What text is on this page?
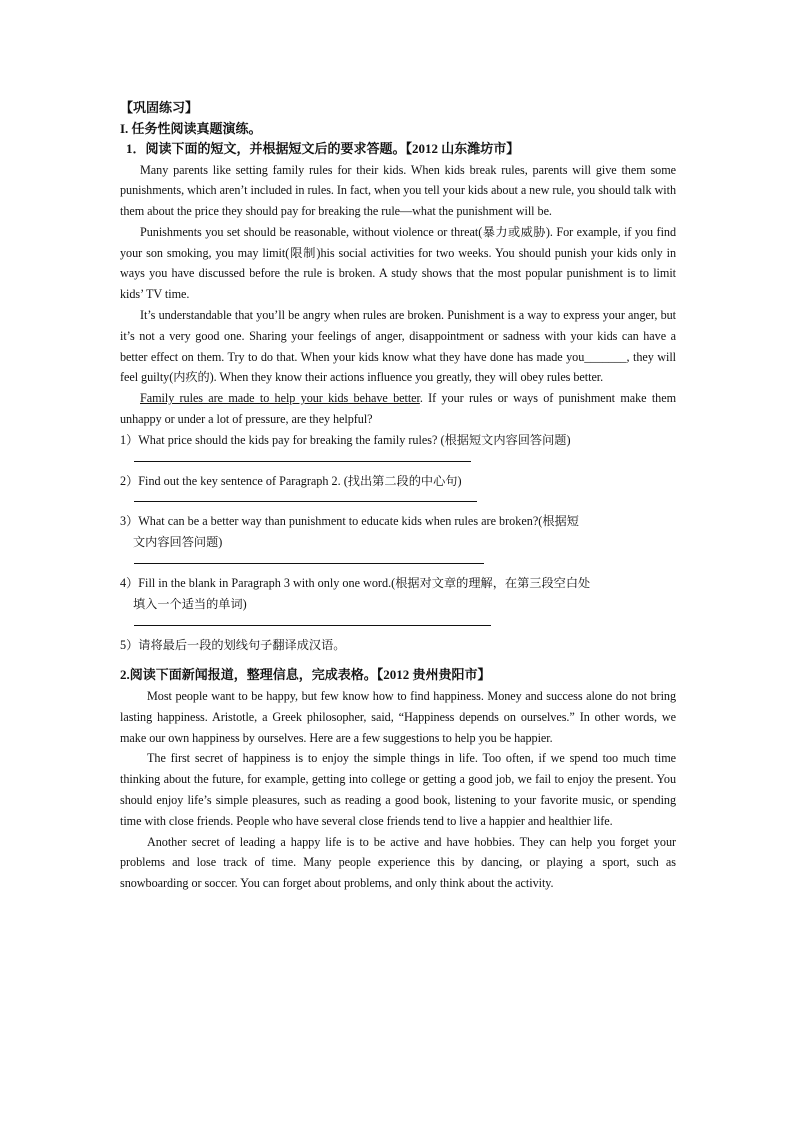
【巩固练习】
I. 任务性阅读真题演练。
1．阅读下面的短文，并根据短文后的要求答题。【2012 山东潍坊市】
Many parents like setting family rules for their kids. When kids break rules, parents will give them some punishments, which aren’t included in rules. In fact, when you tell your kids about a new rule, you should talk with them about the price they should pay for breaking the rule—what the punishment will be.
Punishments you set should be reasonable, without violence or threat(暴力或威胁). For example, if you find your son smoking, you may limit(限制)his social activities for two weeks. You should punish your kids only in ways you have discussed before the rule is broken. A study shows that the most popular punishment is to limit kids’ TV time.
It’s understandable that you’ll be angry when rules are broken. Punishment is a way to express your anger, but it’s not a very good one. Sharing your feelings of anger, disappointment or sadness with your kids can have a better effect on them. Try to do that. When your kids know what they have done has made you_______, they will feel guilty(内疚的). When they know their actions influence you greatly, they will obey rules better.
Family rules are made to help your kids behave better. If your rules or ways of punishment make them unhappy or under a lot of pressure, are they helpful?
1）What price should the kids pay for breaking the family rules? (根据短文内容回答问题)
2）Find out the key sentence of Paragraph 2. (找出第二段的中心句)
3）What can be a better way than punishment to educate kids when rules are broken?(根据短
文内容回答问题)
4）Fill in the blank in Paragraph 3 with only one word.(根据对文章的理解，在第三段空白处
填入一个适当的单词)
5）请将最后一段的划线句子翻译成汉语。
2.阅读下面新闻报道，整理信息，完成表格。【2012 贵州贵阳市】
Most people want to be happy, but few know how to find happiness. Money and success alone do not bring lasting happiness. Aristotle, a Greek philosopher, said, “Happiness depends on ourselves.” In other words, we make our own happiness by ourselves. Here are a few suggestions to help you be happier.
The first secret of happiness is to enjoy the simple things in life. Too often, if we spend too much time thinking about the future, for example, getting into college or getting a good job, we fail to enjoy the present. You should enjoy life’s simple pleasures, such as reading a good book, listening to your favorite music, or spending time with close friends. People who have several close friends tend to live a happier and healthier life.
Another secret of leading a happy life is to be active and have hobbies. They can help you forget your problems and lose track of time. Many people experience this by dancing, or playing a sport, such as snowboarding or soccer. You can forget about problems, and only think about the activity.
